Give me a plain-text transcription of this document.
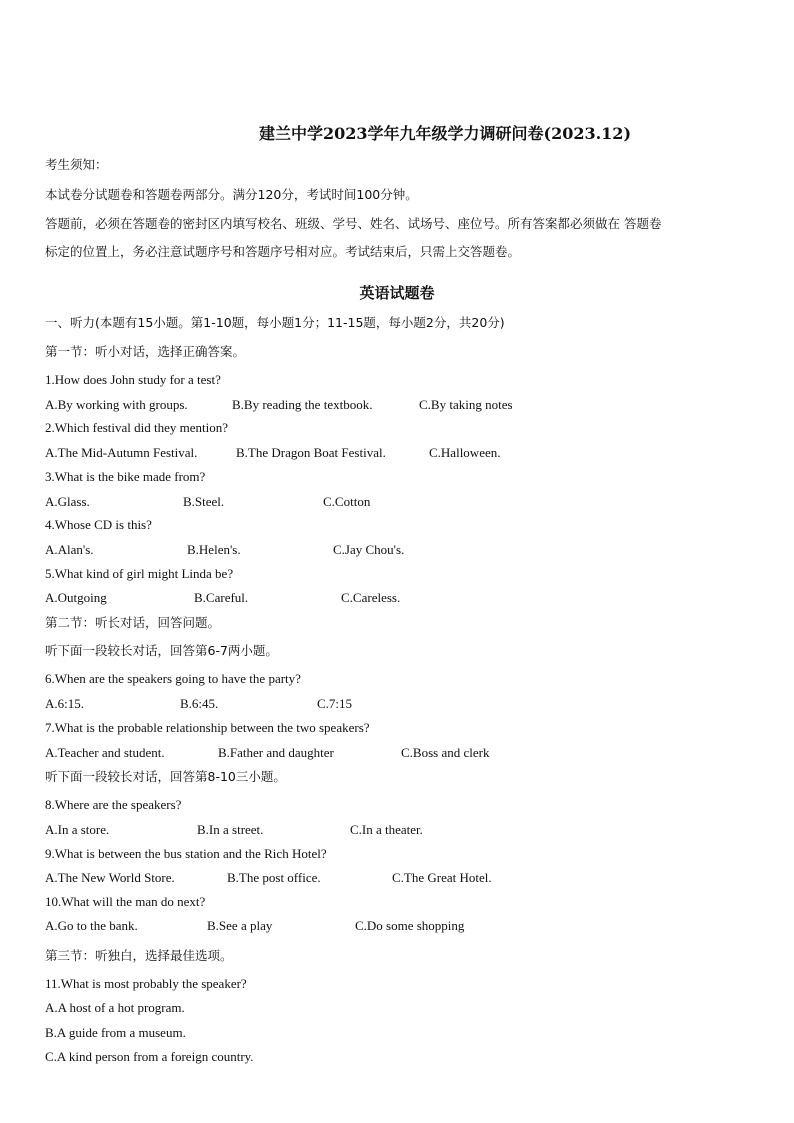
建兰中学2023学年九年级学力调研问卷(2023.12)
考生须知：
本试卷分试题卷和答题卷两部分。满分120分，考试时间100分钟。
答题前，必须在答题卷的密封区内填写校名、班级、学号、姓名、试场号、座位号。所有答案都必须做在 答题卷
标定的位置上，务必注意试题序号和答题序号相对应。考试结束后，只需上交答题卷。
英语试题卷
一、听力(本题有15小题。第1-10题，每小题1分；11-15题，每小题2分，共20分)
第一节：听小对话，选择正确答案。
1.How does John study for a test?
A.By working with groups.	B.By reading the textbook.	C.By taking notes
2.Which festival did they mention?
A.The Mid-Autumn Festival.	B.The Dragon Boat Festival.	C.Halloween.
3.What is the bike made from?
A.Glass.	B.Steel.	C.Cotton
4.Whose CD is this?
A.Alan's.	B.Helen's.	C.Jay Chou's.
5.What kind of girl might Linda be?
A.Outgoing	B.Careful.	C.Careless.
第二节：听长对话，回答问题。
听下面一段较长对话，回答第6-7两小题。
6.When are the speakers going to have the party?
A.6:15.	B.6:45.	C.7:15
7.What is the probable relationship between the two speakers?
A.Teacher and student.	B.Father and daughter	C.Boss and clerk
听下面一段较长对话，回答第8-10三小题。
8.Where are the speakers?
A.In a store.	B.In a street.	C.In a theater.
9.What is between the bus station and the Rich Hotel?
A.The New World Store.	B.The post office.	C.The Great Hotel.
10.What will the man do next?
A.Go to the bank.	B.See a play	C.Do some shopping
第三节：听独白，选择最佳选项。
11.What is most probably the speaker?
A.A host of a hot program.
B.A guide from a museum.
C.A kind person from a foreign country.
